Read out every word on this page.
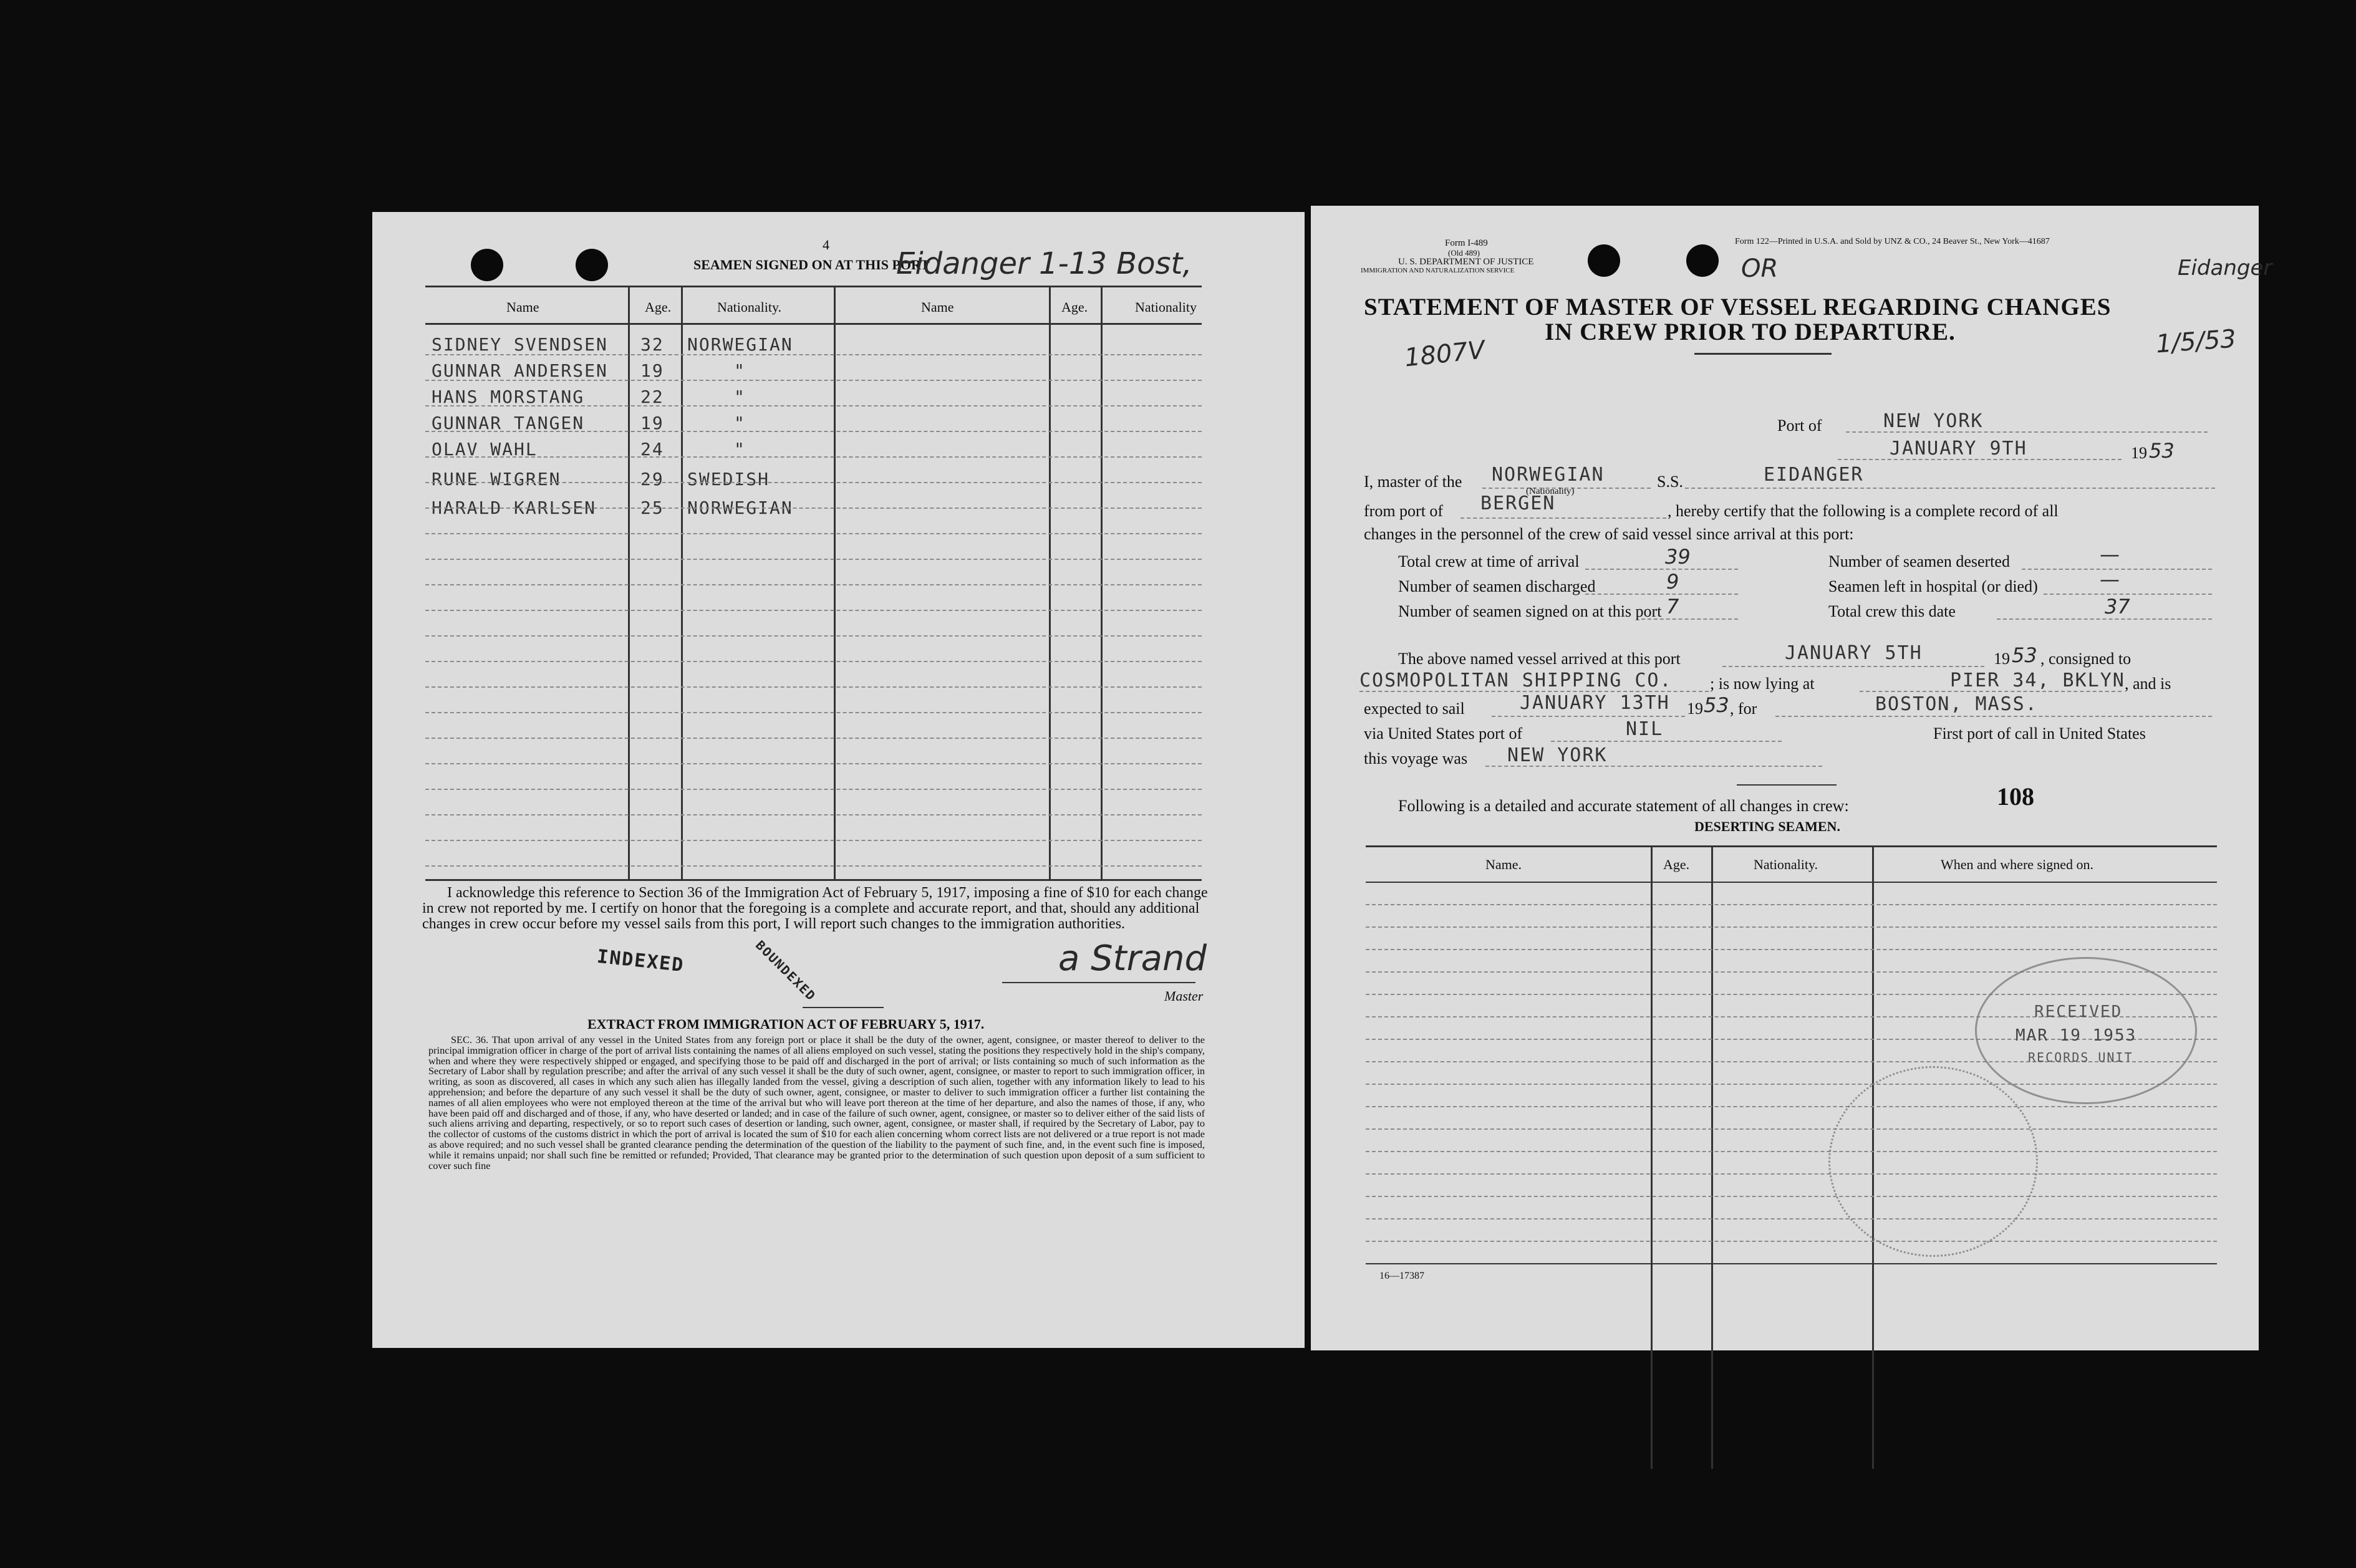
4
SEAMEN SIGNED ON AT THIS PORT
Eidanger 1-13 Bost,
Name	Age.	Nationality.	Name	Age.	Nationality
SIDNEY SVENDSEN 32 NORWEGIAN
GUNNAR ANDERSEN 19	"
HANS MORSTANG	22	"
GUNNAR TANGEN	19	"
OLAV WAHL	24	"
RUNE WIGREN	29 SWEDISH
HARALD KARLSEN	25 NORWEGIAN
I acknowledge this reference to Section 36 of the Immigration Act of February 5, 1917, imposing a fine of $10 for each change in crew not reported by me. I certify on honor that the foregoing is a complete and accurate report, and that, should any additional changes in crew occur before my vessel sails from this port, I will report such changes to the immigration authorities.
INDEXED	BOUNDEXED	a Strand
Master
EXTRACT FROM IMMIGRATION ACT OF FEBRUARY 5, 1917.
SEC. 36. That upon arrival of any vessel in the United States from any foreign port or place it shall be the duty of the owner, agent, consignee, or master thereof to deliver to the principal immigration officer in charge of the port of arrival lists containing the names of all aliens employed on such vessel, stating the positions they respectively hold in the ship's company, when and where they were respectively shipped or engaged, and specifying those to be paid off and discharged in the port of arrival; or lists containing so much of such information as the Secretary of Labor shall by regulation prescribe; and after the arrival of any such vessel it shall be the duty of such owner, agent, consignee, or master to report to such immigration officer, in writing, as soon as discovered, all cases in which any such alien has illegally landed from the vessel, giving a description of such alien, together with any information likely to lead to his apprehension; and before the departure of any such vessel it shall be the duty of such owner, agent, consignee, or master to deliver to such immigration officer a further list containing the names of all alien employees who were not employed thereon at the time of the arrival but who will leave port thereon at the time of her departure, and also the names of those, if any, who have been paid off and discharged and of those, if any, who have deserted or landed; and in case of the failure of such owner, agent, consignee, or master so to deliver either of the said lists of such aliens arriving and departing, respectively, or so to report such cases of desertion or landing, such owner, agent, consignee, or master shall, if required by the Secretary of Labor, pay to the collector of customs of the customs district in which the port of arrival is located the sum of $10 for each alien concerning whom correct lists are not delivered or a true report is not made as above required; and no such vessel shall be granted clearance pending the determination of the question of the liability to the payment of such fine, and, in the event such fine is imposed, while it remains unpaid; nor shall such fine be remitted or refunded; Provided, That clearance may be granted prior to the determination of such question upon deposit of a sum sufficient to cover such fine
Form I-489
(Old 489)
U. S. DEPARTMENT OF JUSTICE
IMMIGRATION AND NATURALIZATION SERVICE
Form 122—Printed in U.S.A. and Sold by UNZ & CO., 24 Beaver St., New York—41687
OR	Eidanger
STATEMENT OF MASTER OF VESSEL REGARDING CHANGES
IN CREW PRIOR TO DEPARTURE.
1807V	1/5/53
Port of	NEW YORK
JANUARY 9TH	19 53
I, master of the NORWEGIAN
(Nationality)
S.S.	EIDANGER
from port of BERGEN	, hereby certify that the following is a complete record of all
changes in the personnel of the crew of said vessel since arrival at this port:
Total crew at time of arrival	39
Number of seamen discharged	9
Number of seamen signed on at this port 7
Number of seamen deserted	—
Seamen left in hospital (or died)	—
Total crew this date	37
The above named vessel arrived at this port	JANUARY 5TH	19 53 , consigned to
COSMOPOLITAN SHIPPING CO. ; is now lying at	PIER 34, BKLYN , and is
expected to sail	JANUARY 13TH 19 53 , for	BOSTON, MASS.
via United States port of	NIL	First port of call in United States
this voyage was NEW YORK
Following is a detailed and accurate statement of all changes in crew:	108
DESERTING SEAMEN.
Name.	Age.	Nationality.	When and where signed on.
RECEIVED
MAR 19 1953
RECORDS UNIT
16—17387
